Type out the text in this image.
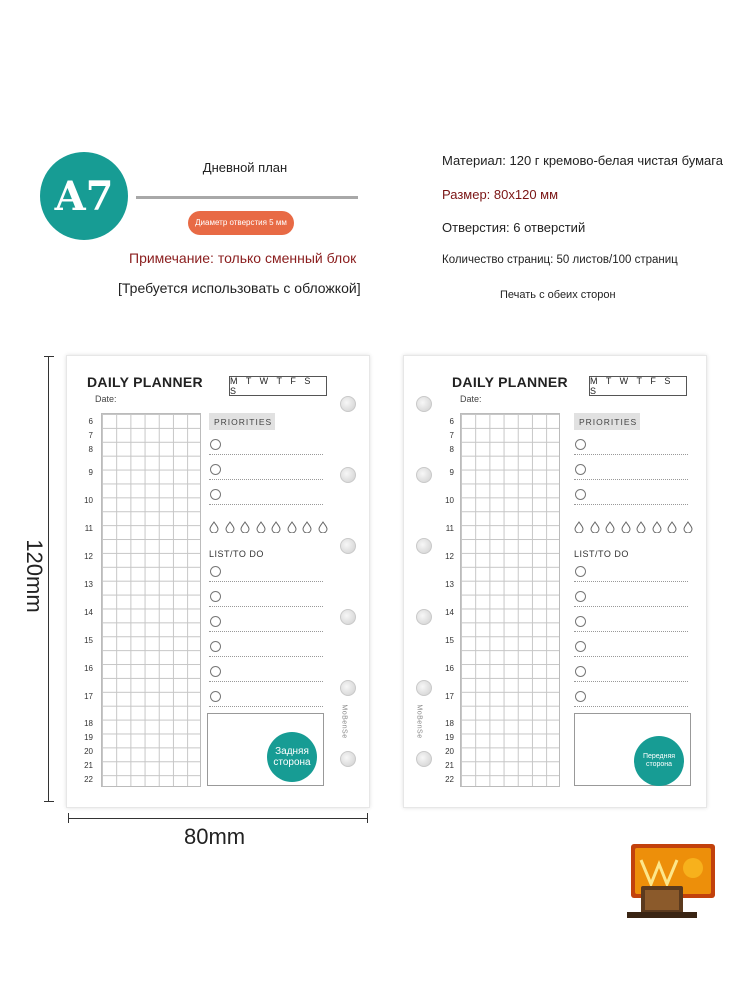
A7
Дневной план
Диаметр отверстия 5 мм
Примечание: только сменный блок
[Требуется использовать с обложкой]
Материал: 120 г кремово-белая чистая бумага
Размер: 80x120 мм
Отверстия: 6 отверстий
Количество страниц: 50 листов/100 страниц
Печать с обеих сторон
120mm
80mm
DAILY PLANNER
Date:
M T W T F S S
6
7
8
9
10
11
12
13
14
15
16
17
18
19
20
21
22
PRIORITIES
LIST/TO DO
Задняя сторона
MoBenSe
DAILY PLANNER
Date:
M T W T F S S
6
7
8
9
10
11
12
13
14
15
16
17
18
19
20
21
22
PRIORITIES
LIST/TO DO
Передняя сторона
MoBenSe
